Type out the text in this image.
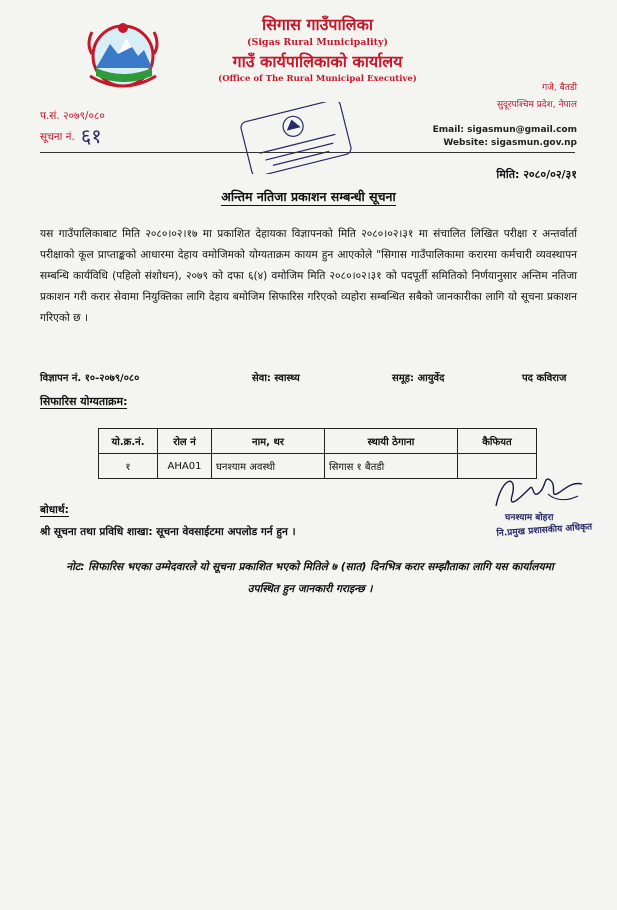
सिगास गाउँपालिका
(Sigas Rural Municipality)
गाउँ कार्यपालिकाको कार्यालय
(Office of The Rural Municipal Executive)
गजे, बैतडी
सुदूरपश्चिम प्रदेश, नेपाल
प.सं. २०७९/०८०
सूचना नं. ६१	Email: sigasmun@gmail.com
Website: sigasmun.gov.np
मिति: २०८०/०२/३१
अन्तिम नतिजा प्रकाशन सम्बन्धी सूचना
यस गाउँपालिकाबाट मिति २०८०।०२।१७ मा प्रकाशित देहायका विज्ञापनको मिति २०८०।०२।३१ मा संचालित लिखित परीक्षा र अन्तर्वार्ता परीक्षाको कूल प्राप्ताङ्कको आधारमा देहाय वमोजिमको योग्यताक्रम कायम हुन आएकोले "सिगास गाउँपालिकामा करारमा कर्मचारी व्यवस्थापन सम्बन्धि कार्यविधि (पहिलो संशोधन), २०७९ को दफा ६(४) वमोजिम मिति २०८०।०२।३१ को पदपूर्ती समितिको निर्णयानुसार अन्तिम नतिजा प्रकाशन गरी करार सेवामा नियुक्तिका लागि देहाय बमोजिम सिफारिस गरिएको व्यहोरा सम्बन्धित सबैको जानकारीका लागि यो सूचना प्रकाशन गरिएको छ ।
विज्ञापन नं. १०-२०७९/०८०	सेवा: स्वास्थ्य	समूह: आयुर्वेद	पद कविराज
सिफारिस योग्यताक्रम:
यो.क्र.नं.	रोल नं	नाम, थर	स्थायी ठेगाना	कैफियत
१	AHA01	घनश्याम अवस्थी	सिगास १ बैतडी	
घनश्याम बोहरा
नि.प्रमुख प्रशासकीय अधिकृत
बोधार्थ:
श्री सूचना तथा प्रविधि शाखा: सूचना वेवसाईटमा अपलोड गर्न हुन ।
नोट: सिफारिस भएका उम्मेदवारले यो सूचना प्रकाशित भएको मितिले ७ (सात) दिनभित्र करार सम्झौताका लागि यस कार्यालयमा उपस्थित हुन जानकारी गराइन्छ ।
